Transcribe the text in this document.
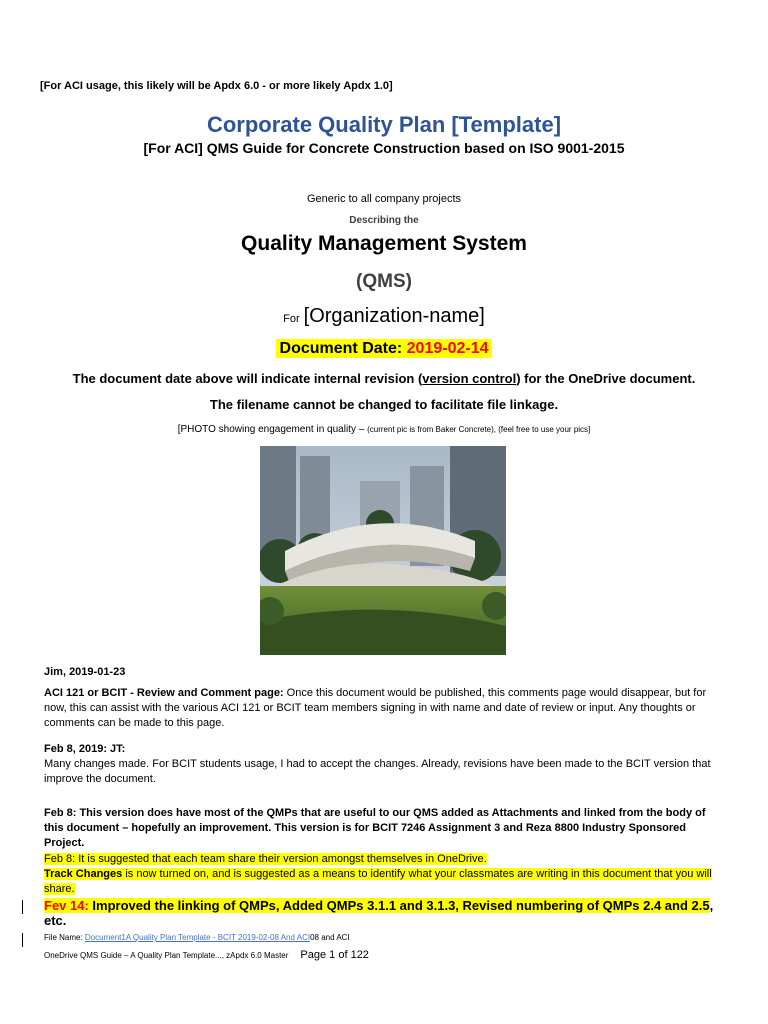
[For ACI usage, this likely will be Apdx 6.0 - or more likely Apdx 1.0]
Corporate Quality Plan [Template]
[For ACI] QMS Guide for Concrete Construction based on ISO 9001-2015
Generic to all company projects
Describing the
Quality Management System
(QMS)
For [Organization-name]
Document Date: 2019-02-14
The document date above will indicate internal revision (version control) for the OneDrive document.
The filename cannot be changed to facilitate file linkage.
[PHOTO showing engagement in quality – (current pic is from Baker Concrete), (feel free to use your pics]
Jim, 2019-01-23
ACI 121 or BCIT - Review and Comment page: Once this document would be published, this comments page would disappear, but for now, this can assist with the various ACI 121 or BCIT team members signing in with name and date of review or input. Any thoughts or comments can be made to this page.
Feb 8, 2019: JT:
Many changes made. For BCIT students usage, I had to accept the changes. Already, revisions have been made to the BCIT version that improve the document.
Feb 8: This version does have most of the QMPs that are useful to our QMS added as Attachments and linked from the body of this document – hopefully an improvement. This version is for BCIT 7246 Assignment 3 and Reza 8800 Industry Sponsored Project.
Feb 8: It is suggested that each team share their version amongst themselves in OneDrive.
Track Changes is now turned on, and is suggested as a means to identify what your classmates are writing in this document that you will share.
Fev 14: Improved the linking of QMPs, Added QMPs 3.1.1 and 3.1.3, Revised numbering of QMPs 2.4 and 2.5, etc.
File Name: Document1A Quality Plan Template - BCIT 2019-02-08 And ACI08 and ACI
OneDrive QMS Guide – A Quality Plan Template..., zApdx 6.0 Master Page 1 of 122
